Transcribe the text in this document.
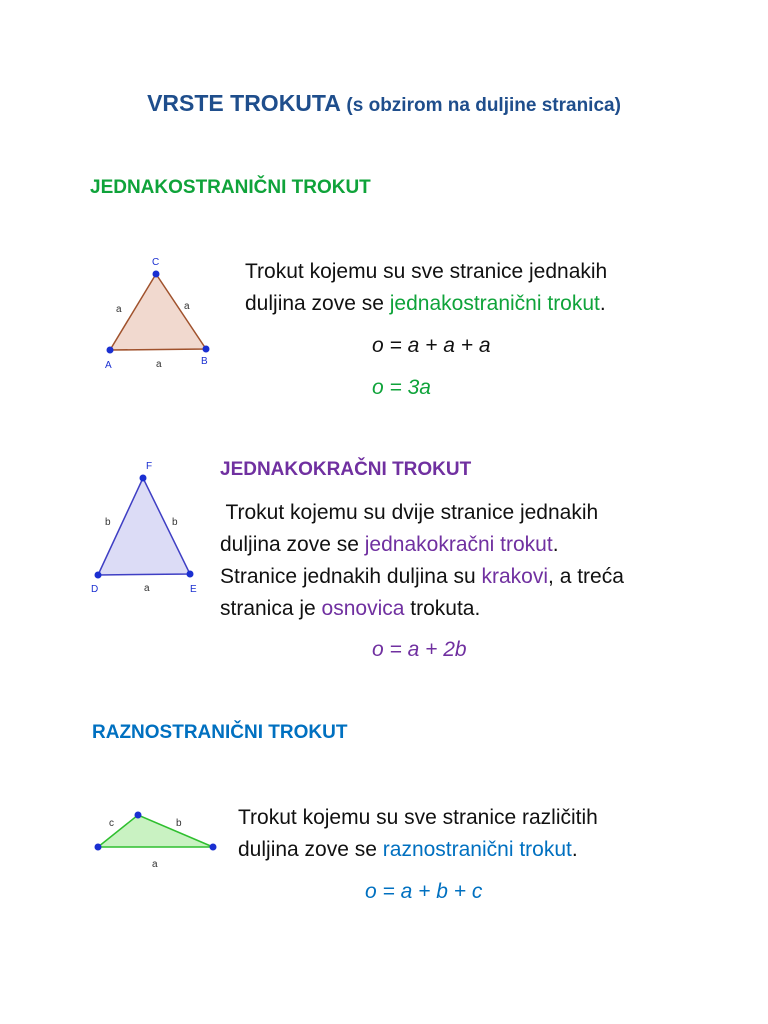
VRSTE TROKUTA (s obzirom na duljine stranica)
JEDNAKOSTRANIČNI TROKUT
A	B
C
a	a
a
Trokut kojemu su sve stranice jednakih
duljina zove se jednakostranični trokut.
o = a + a + a
o = 3a
D	E
F
b	b
a
JEDNAKOKRAČNI TROKUT
Trokut kojemu su dvije stranice jednakih
duljina zove se jednakokračni trokut.
Stranice jednakih duljina su krakovi, a treća
stranica je osnovica trokuta.
o = a + 2b
RAZNOSTRANIČNI TROKUT
c	b
a
Trokut kojemu su sve stranice različitih
duljina zove se raznostranični trokut.
o = a + b + c
